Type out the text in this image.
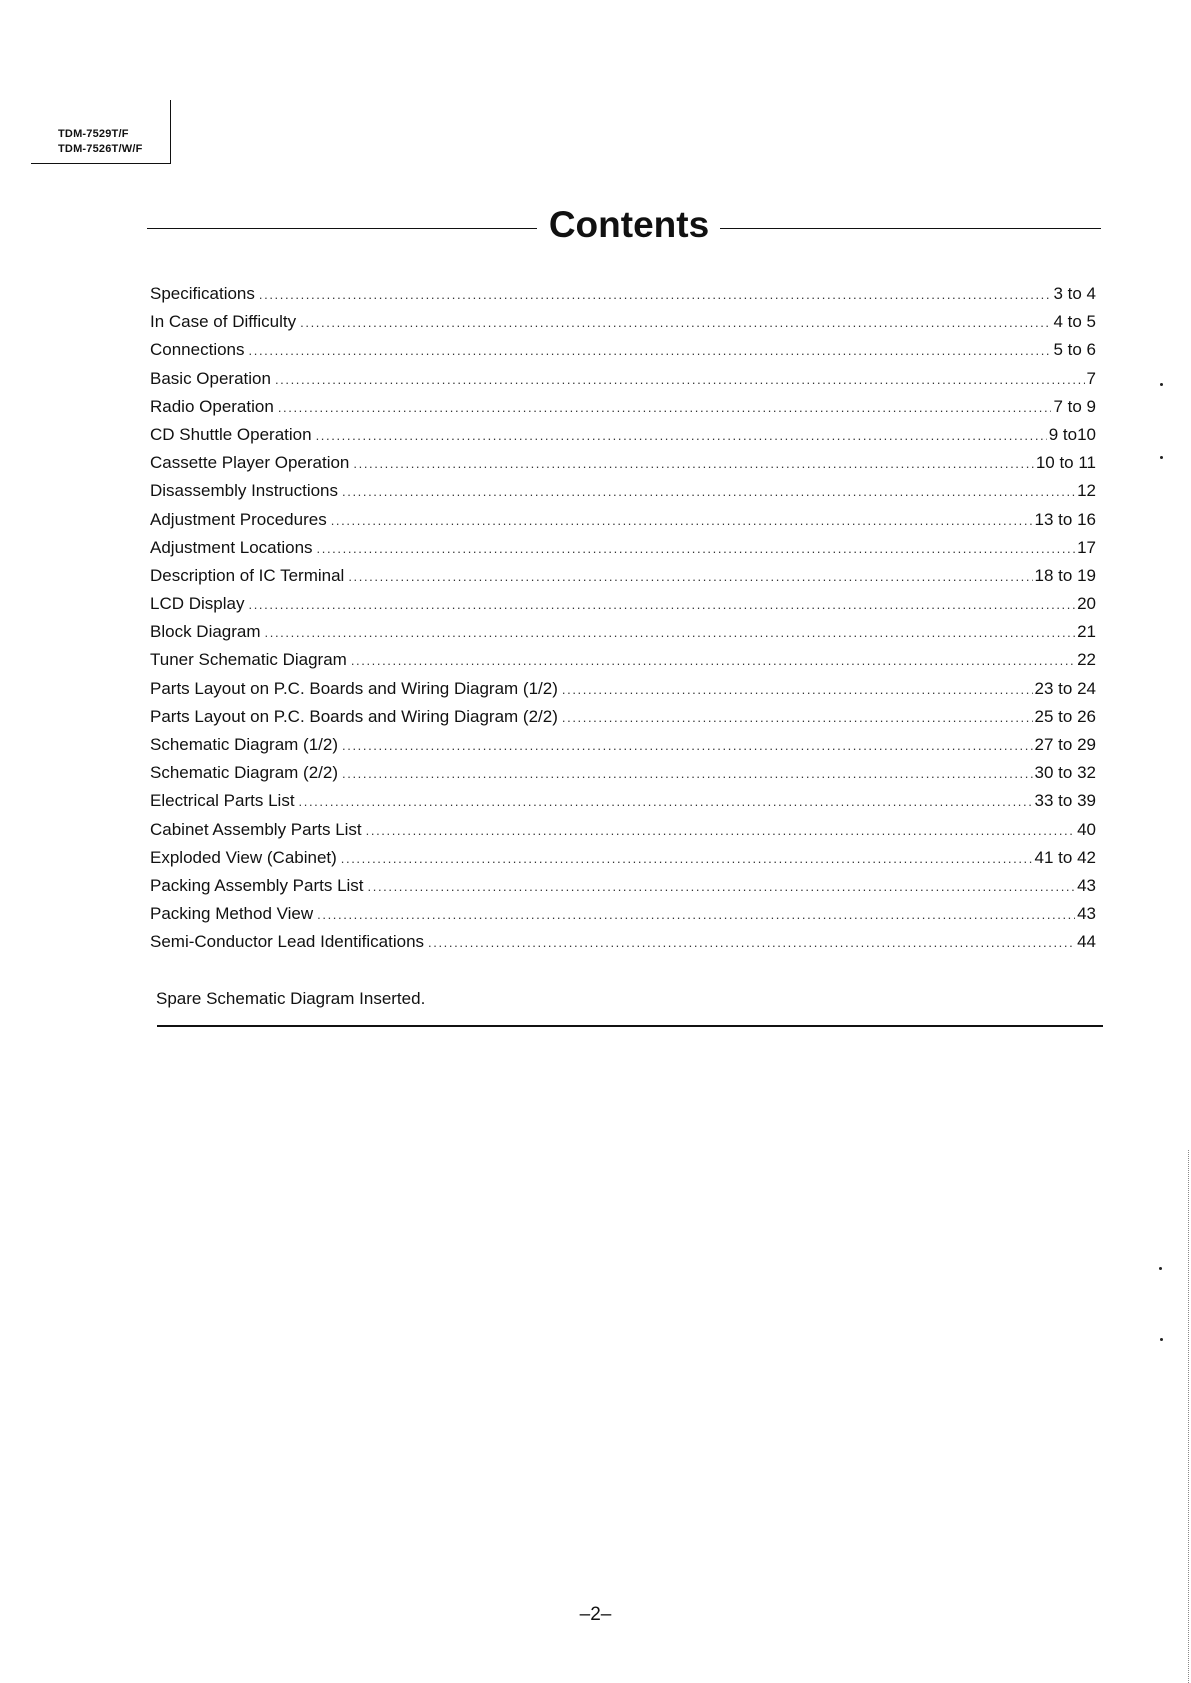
TDM-7529T/F
TDM-7526T/W/F
Contents
Specifications .....	3 to 4
In Case of Difficulty .....	4 to 5
Connections .....	5 to 6
Basic Operation .....	7
Radio Operation .....	7 to 9
CD Shuttle Operation .....	9 to10
Cassette Player Operation .....	10 to 11
Disassembly Instructions .....	12
Adjustment Procedures .....	13 to 16
Adjustment Locations .....	17
Description of IC Terminal .....	18 to 19
LCD Display .....	20
Block Diagram .....	21
Tuner Schematic Diagram .....	22
Parts Layout on P.C. Boards and Wiring Diagram (1/2) .....	23 to 24
Parts Layout on P.C. Boards and Wiring Diagram (2/2) .....	25 to 26
Schematic Diagram (1/2) .....	27 to 29
Schematic Diagram (2/2) .....	30 to 32
Electrical Parts List .....	33 to 39
Cabinet Assembly Parts List .....	40
Exploded View (Cabinet) .....	41 to 42
Packing Assembly Parts List .....	43
Packing Method View .....	43
Semi-Conductor Lead Identifications .....	44
Spare Schematic Diagram Inserted.
–2–
